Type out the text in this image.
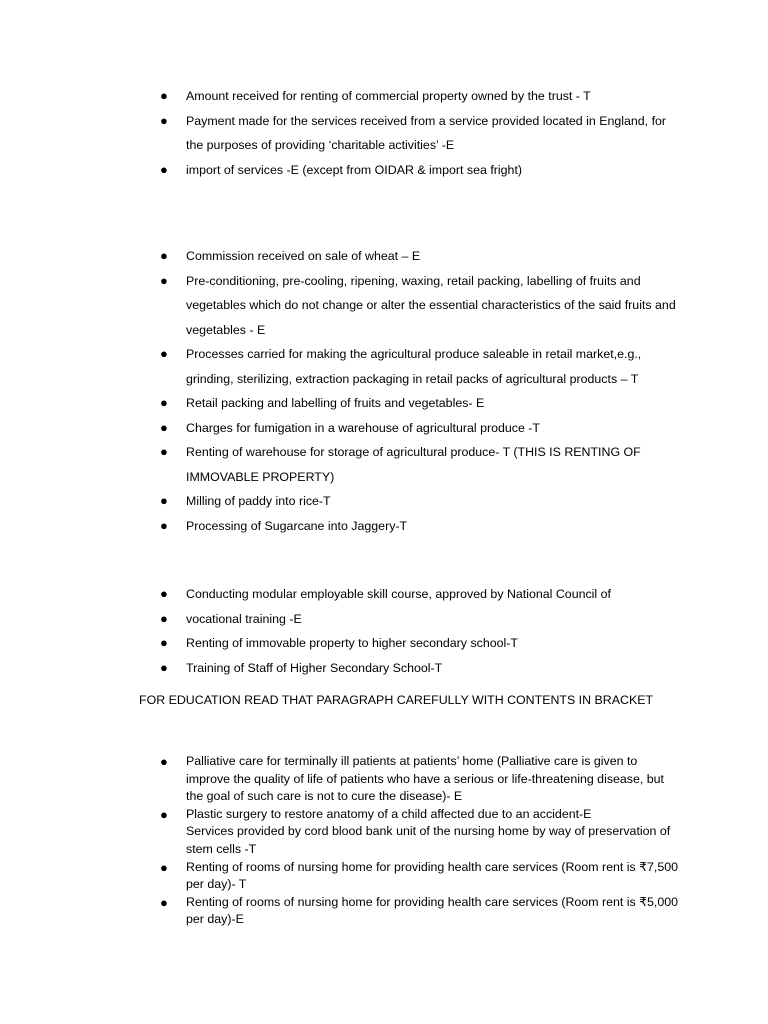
● Amount received for renting of commercial property owned by the trust - T
● Payment made for the services received from a service provided located in England, for the purposes of providing ‘charitable activities’ -E
● import of services -E (except from OIDAR & import sea fright)
● Commission received on sale of wheat – E
● Pre-conditioning, pre-cooling, ripening, waxing, retail packing, labelling of fruits and vegetables which do not change or alter the essential characteristics of the said fruits and vegetables - E
● Processes carried for making the agricultural produce saleable in retail market,e.g., grinding, sterilizing, extraction packaging in retail packs of agricultural products – T
● Retail packing and labelling of fruits and vegetables- E
● Charges for fumigation in a warehouse of agricultural produce -T
● Renting of warehouse for storage of agricultural produce- T (THIS IS RENTING OF IMMOVABLE PROPERTY)
● Milling of paddy into rice-T
● Processing of Sugarcane into Jaggery-T
● Conducting modular employable skill course, approved by National Council of
● vocational training -E
● Renting of immovable property to higher secondary school-T
● Training of Staff of Higher Secondary School-T
FOR EDUCATION READ THAT PARAGRAPH CAREFULLY WITH CONTENTS IN BRACKET
● Palliative care for terminally ill patients at patients’ home (Palliative care is given to improve the quality of life of patients who have a serious or life-threatening disease, but the goal of such care is not to cure the disease)- E
● Plastic surgery to restore anatomy of a child affected due to an accident-E
Services provided by cord blood bank unit of the nursing home by way of preservation of stem cells -T
● Renting of rooms of nursing home for providing health care services (Room rent is ₹7,500 per day)- T
● Renting of rooms of nursing home for providing health care services (Room rent is ₹5,000 per day)-E
